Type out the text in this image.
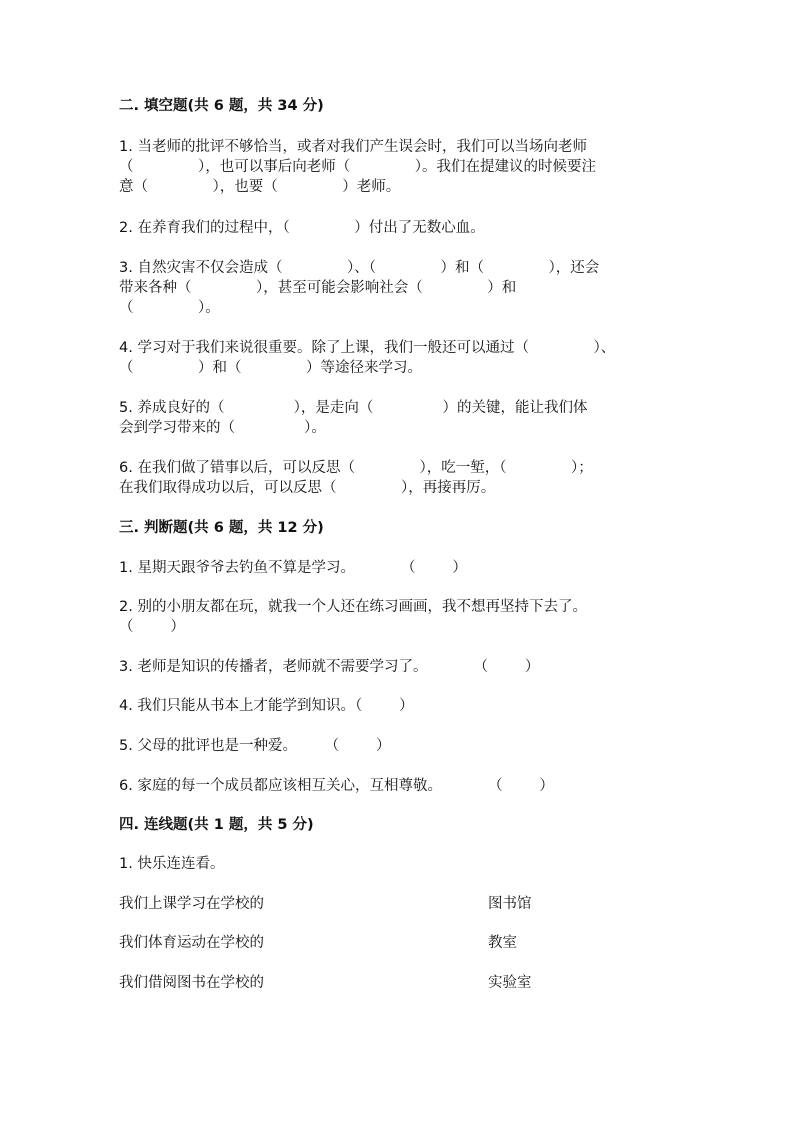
二. 填空题(共 6 题，共 34 分)
1. 当老师的批评不够恰当，或者对我们产生误会时，我们可以当场向老师
（              ），也可以事后向老师（              ）。我们在提建议的时候要注
意（              ），也要（              ）老师。
2. 在养育我们的过程中，（              ）付出了无数心血。
3. 自然灾害不仅会造成（              ）、（              ）和（              ），还会
带来各种（              ），甚至可能会影响社会（              ）和
（              ）。
4. 学习对于我们来说很重要。除了上课，我们一般还可以通过（              ）、
（              ）和（              ）等途径来学习。
5. 养成良好的（               ），是走向（               ）的关键，能让我们体
会到学习带来的（               ）。
6. 在我们做了错事以后，可以反思（              ），吃一堑，（              ）；
在我们取得成功以后，可以反思（              ），再接再厉。
三. 判断题(共 6 题，共 12 分)
1. 星期天跟爷爷去钓鱼不算是学习。          （        ）
2. 别的小朋友都在玩，就我一个人还在练习画画，我不想再坚持下去了。
（        ）
3. 老师是知识的传播者，老师就不需要学习了。          （        ）
4. 我们只能从书本上才能学到知识。（        ）
5. 父母的批评也是一种爱。      （        ）
6. 家庭的每一个成员都应该相互关心，互相尊敬。          （        ）
四. 连线题(共 1 题，共 5 分)
1. 快乐连连看。
我们上课学习在学校的	图书馆
我们体育运动在学校的	教室
我们借阅图书在学校的	实验室
